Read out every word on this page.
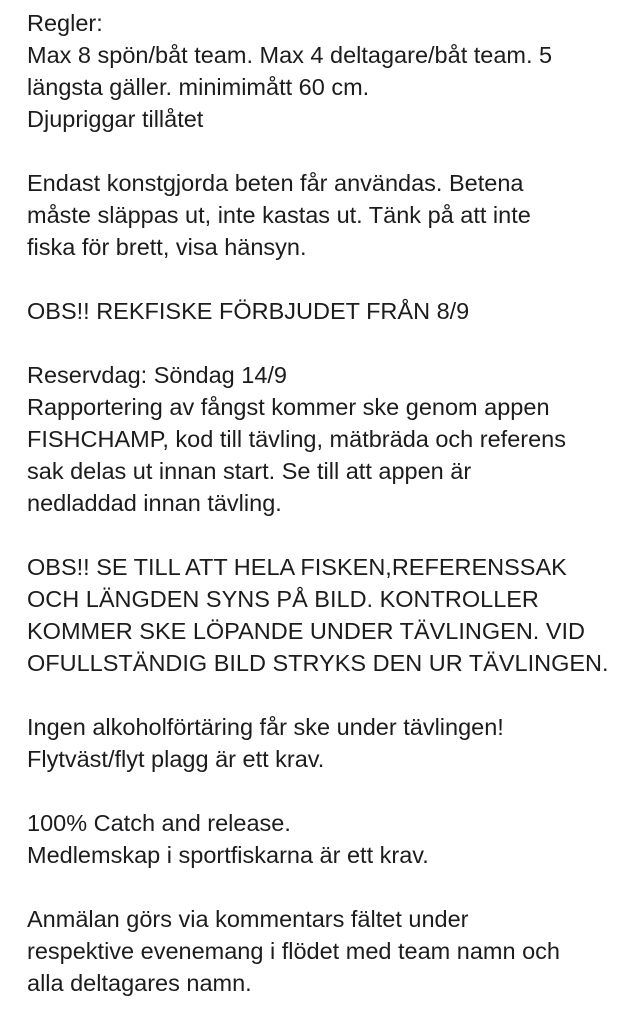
Regler:
Max 8 spön/båt team. Max 4 deltagare/båt team. 5
längsta gäller. minimimått 60 cm.
Djupriggar tillåtet
Endast konstgjorda beten får användas. Betena
måste släppas ut, inte kastas ut. Tänk på att inte
fiska för brett, visa hänsyn.
OBS!! REKFISKE FÖRBJUDET FRÅN 8/9
Reservdag: Söndag 14/9
Rapportering av fångst kommer ske genom appen
FISHCHAMP, kod till tävling, mätbräda och referens
sak delas ut innan start. Se till att appen är
nedladdad innan tävling.
OBS!! SE TILL ATT HELA FISKEN,REFERENSSAK
OCH LÄNGDEN SYNS PÅ BILD. KONTROLLER
KOMMER SKE LÖPANDE UNDER TÄVLINGEN. VID
OFULLSTÄNDIG BILD STRYKS DEN UR TÄVLINGEN.
Ingen alkoholförtäring får ske under tävlingen!
Flytväst/flyt plagg är ett krav.
100% Catch and release.
Medlemskap i sportfiskarna är ett krav.
Anmälan görs via kommentars fältet under
respektive evenemang i flödet med team namn och
alla deltagares namn.
